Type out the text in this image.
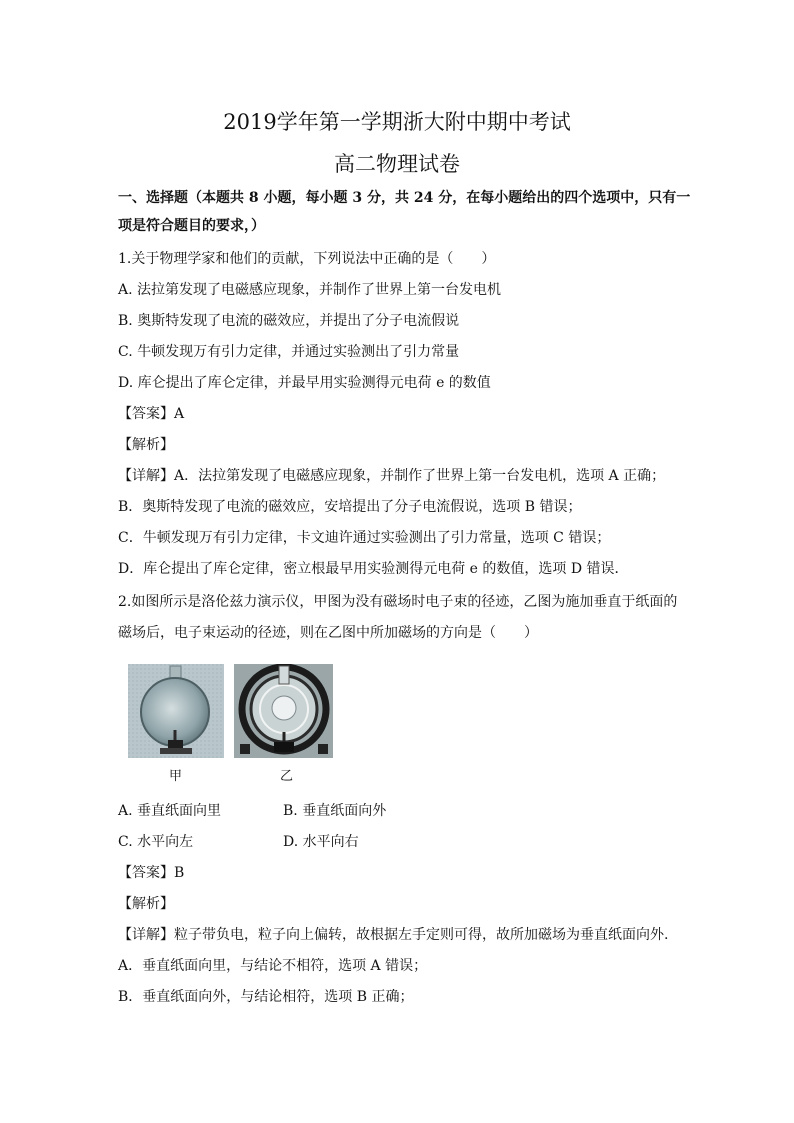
2019学年第一学期浙大附中期中考试
高二物理试卷
一、选择题（本题共 8 小题，每小题 3 分，共 24 分，在每小题给出的四个选项中，只有一
项是符合题目的要求，）
1.关于物理学家和他们的贡献，下列说法中正确的是（　　）
A. 法拉第发现了电磁感应现象，并制作了世界上第一台发电机
B. 奥斯特发现了电流的磁效应，并提出了分子电流假说
C. 牛顿发现万有引力定律，并通过实验测出了引力常量
D. 库仑提出了库仑定律，并最早用实验测得元电荷 e 的数值
【答案】A
【解析】
【详解】A．法拉第发现了电磁感应现象，并制作了世界上第一台发电机，选项 A 正确；
B．奥斯特发现了电流的磁效应，安培提出了分子电流假说，选项 B 错误；
C．牛顿发现万有引力定律，卡文迪许通过实验测出了引力常量，选项 C 错误；
D．库仑提出了库仑定律，密立根最早用实验测得元电荷 e 的数值，选项 D 错误．
2.如图所示是洛伦兹力演示仪，甲图为没有磁场时电子束的径迹，乙图为施加垂直于纸面的
磁场后，电子束运动的径迹，则在乙图中所加磁场的方向是（　　）
甲	乙
A. 垂直纸面向里	B. 垂直纸面向外
C. 水平向左	D. 水平向右
【答案】B
【解析】
【详解】粒子带负电，粒子向上偏转，故根据左手定则可得，故所加磁场为垂直纸面向外.
A．垂直纸面向里，与结论不相符，选项 A 错误；
B．垂直纸面向外，与结论相符，选项 B 正确；
